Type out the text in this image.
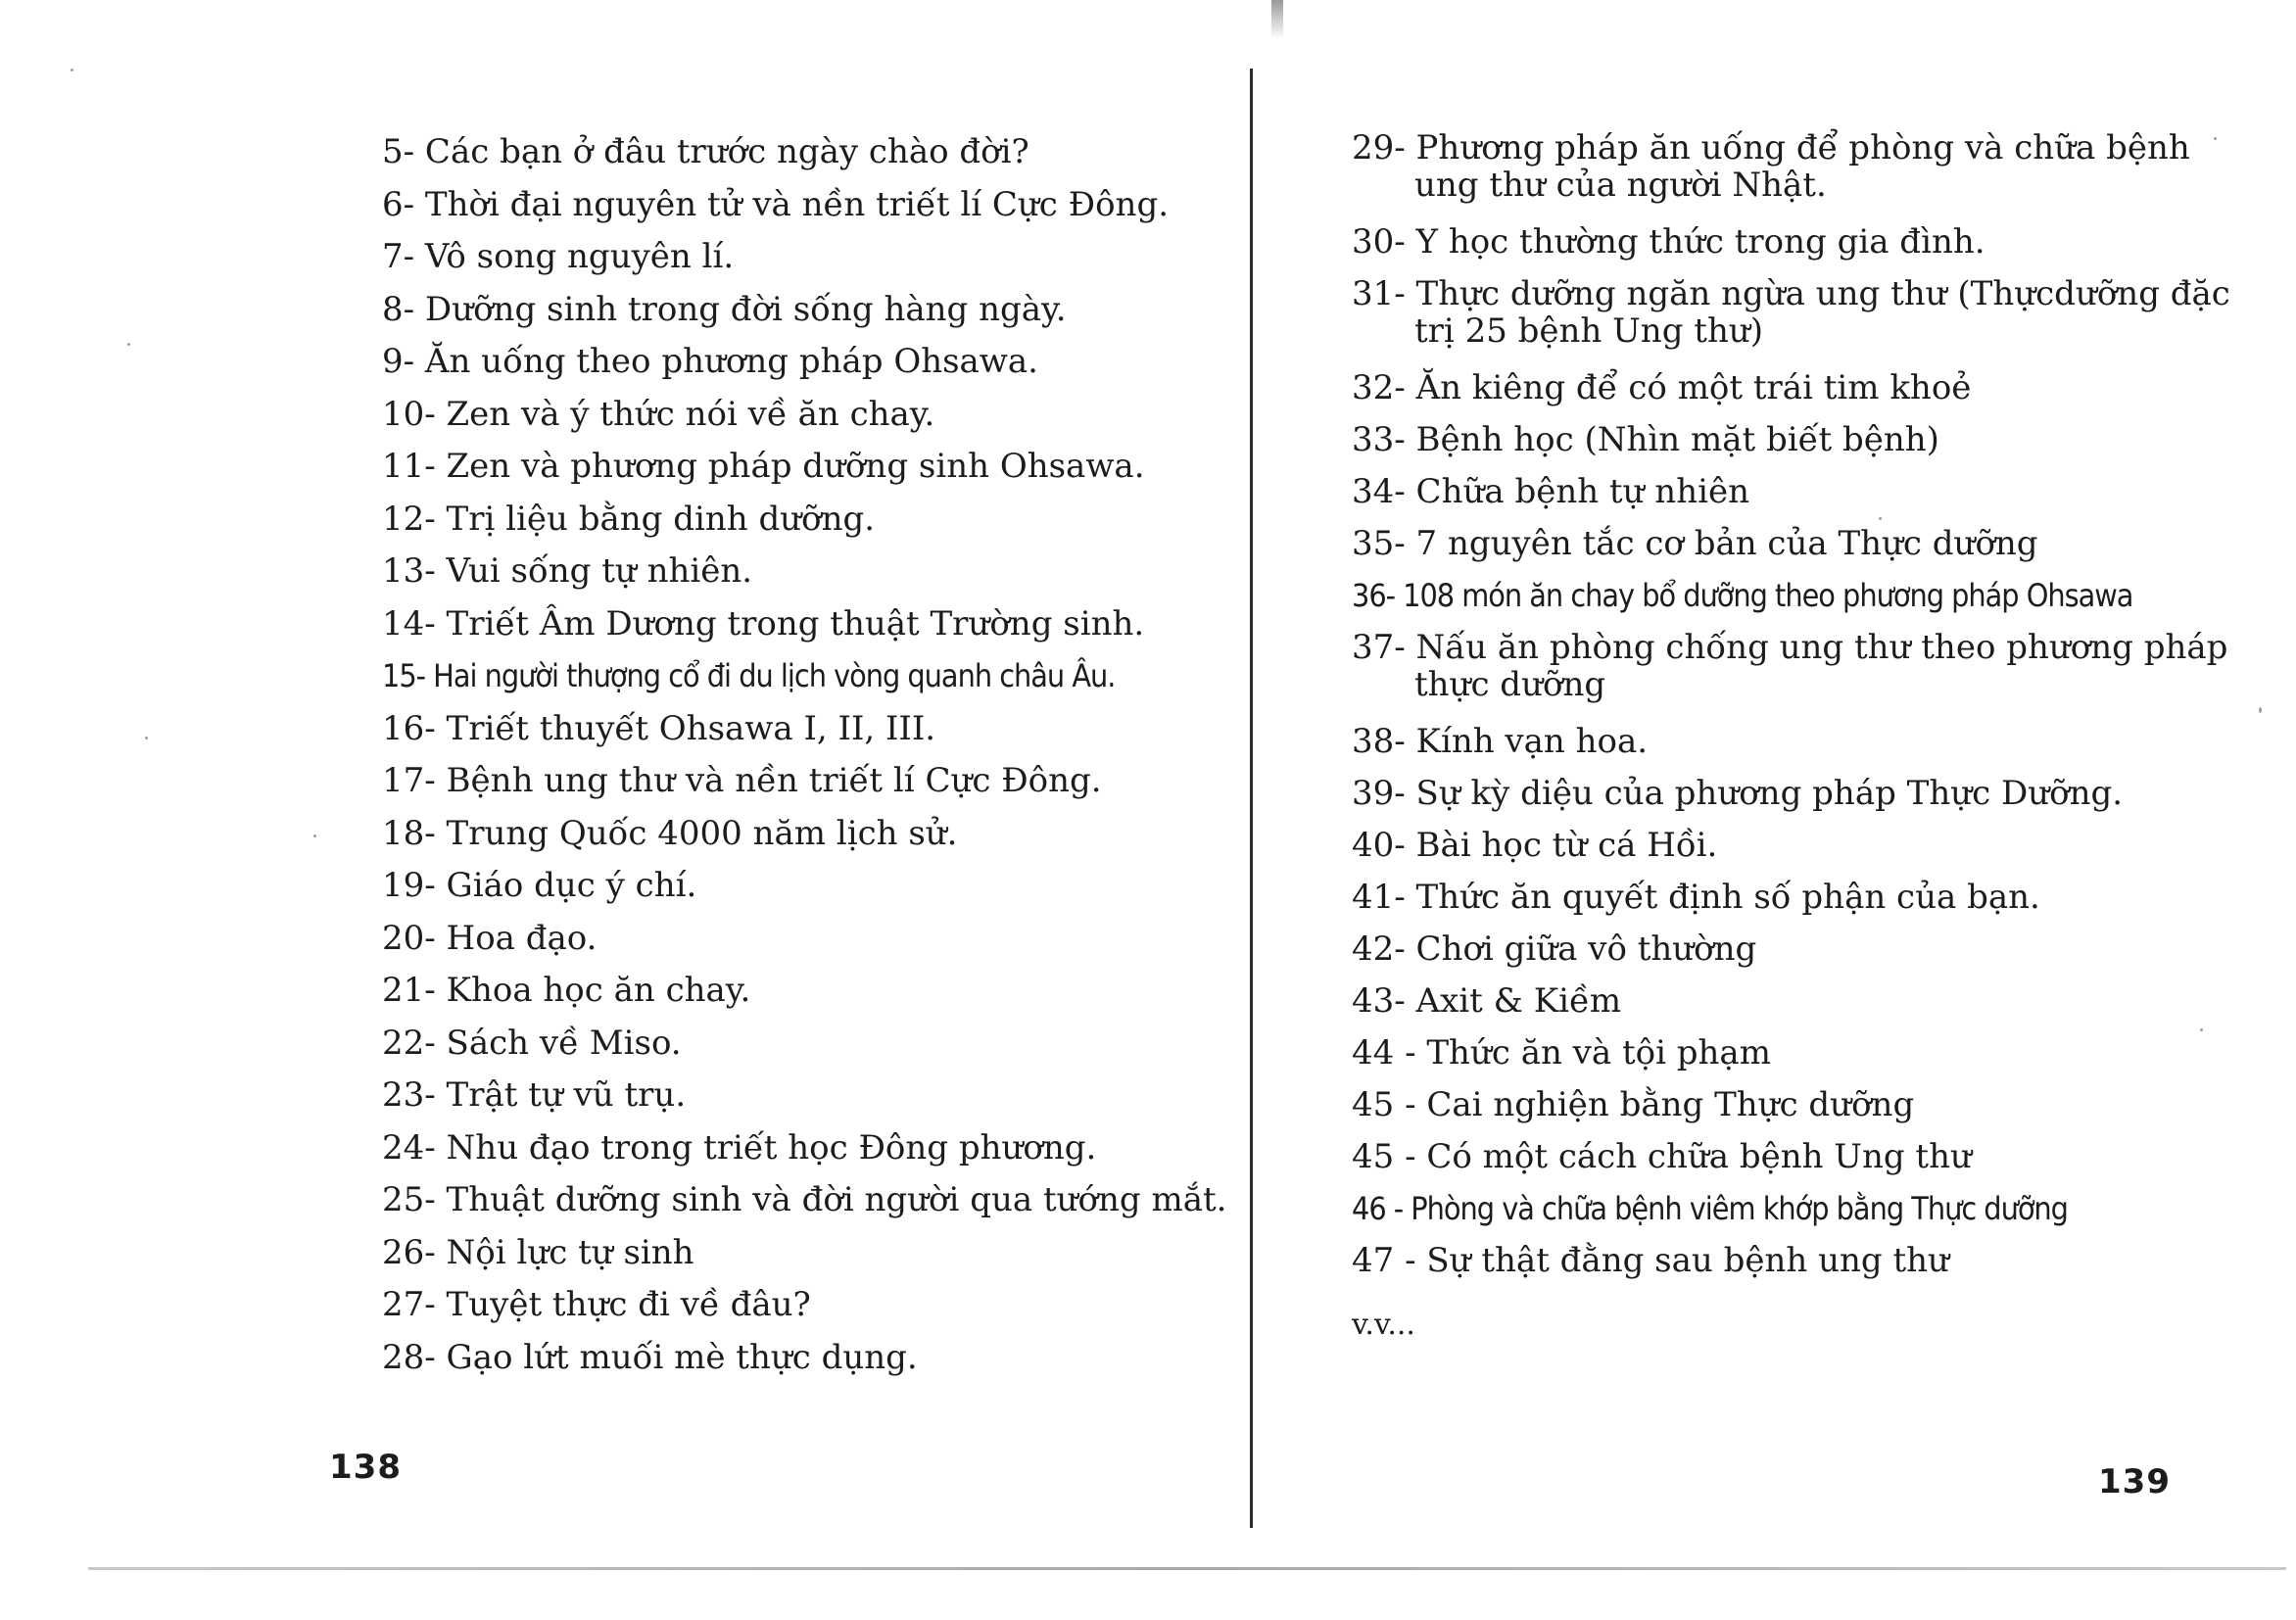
5- Các bạn ở đâu trước ngày chào đời?
6- Thời đại nguyên tử và nền triết lí Cực Đông.
7- Vô song nguyên lí.
8- Dưỡng sinh trong đời sống hàng ngày.
9- Ăn uống theo phương pháp Ohsawa.
10- Zen và ý thức nói về ăn chay.
11- Zen và phương pháp dưỡng sinh Ohsawa.
12- Trị liệu bằng dinh dưỡng.
13- Vui sống tự nhiên.
14- Triết Âm Dương trong thuật Trường sinh.
15- Hai người thượng cổ đi du lịch vòng quanh châu Âu.
16- Triết thuyết Ohsawa I, II, III.
17- Bệnh ung thư và nền triết lí Cực Đông.
18- Trung Quốc 4000 năm lịch sử.
19- Giáo dục ý chí.
20- Hoa đạo.
21- Khoa học ăn chay.
22- Sách về Miso.
23- Trật tự vũ trụ.
24- Nhu đạo trong triết học Đông phương.
25- Thuật dưỡng sinh và đời người qua tướng mắt.
26- Nội lực tự sinh
27- Tuyệt thực đi về đâu?
28- Gạo lứt muối mè thực dụng.
138
29- Phương pháp ăn uống để phòng và chữa bệnh
ung thư của người Nhật.
30- Y học thường thức trong gia đình.
31- Thực dưỡng ngăn ngừa ung thư (Thựcdưỡng đặc
trị 25 bệnh Ung thư)
32- Ăn kiêng để có một trái tim khoẻ
33- Bệnh học (Nhìn mặt biết bệnh)
34- Chữa bệnh tự nhiên
35- 7 nguyên tắc cơ bản của Thực dưỡng
36- 108 món ăn chay bổ dưỡng theo phương pháp Ohsawa
37- Nấu ăn phòng chống ung thư theo phương pháp
thực dưỡng
38- Kính vạn hoa.
39- Sự kỳ diệu của phương pháp Thực Dưỡng.
40- Bài học từ cá Hồi.
41- Thức ăn quyết định số phận của bạn.
42- Chơi giữa vô thường
43- Axit & Kiềm
44 - Thức ăn và tội phạm
45 - Cai nghiện bằng Thực dưỡng
45 - Có một cách chữa bệnh Ung thư
46 - Phòng và chữa bệnh viêm khớp bằng Thực dưỡng
47 - Sự thật đằng sau bệnh ung thư
v.v...
139
